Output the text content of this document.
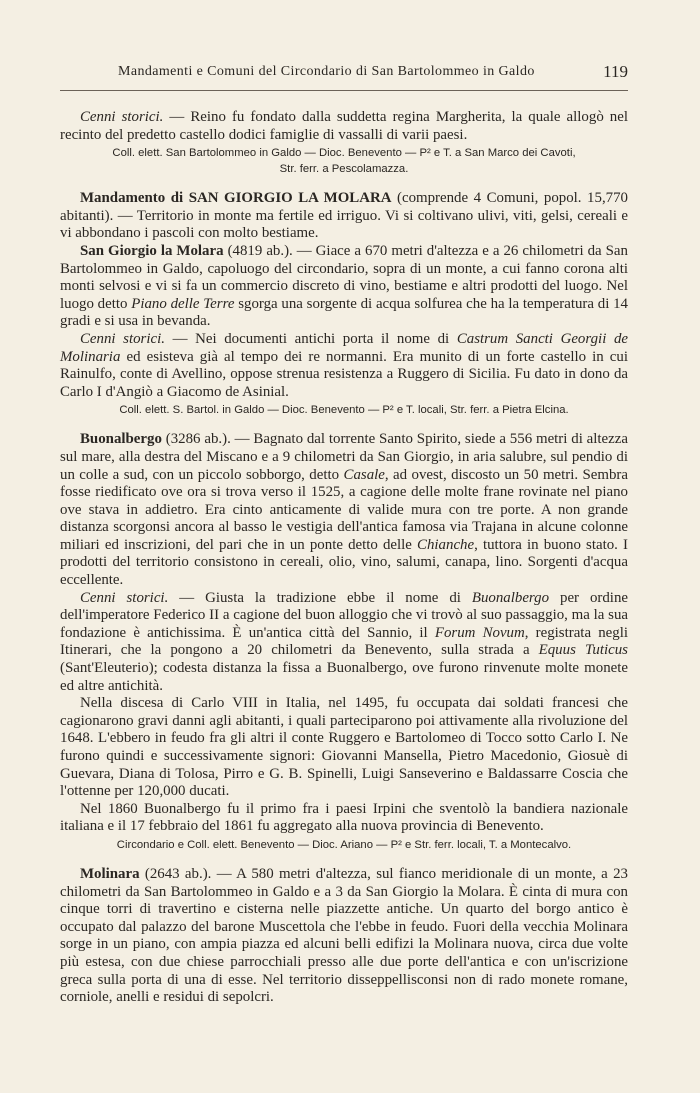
Mandamenti e Comuni del Circondario di San Bartolommeo in Galdo	119

Cenni storici. — Reino fu fondato dalla suddetta regina Margherita, la quale allogò nel recinto del predetto castello dodici famiglie di vassalli di varii paesi.

Coll. elett. San Bartolommeo in Galdo — Dioc. Benevento — P² e T. a San Marco dei Cavoti,

Str. ferr. a Pescolamazza.

Mandamento di SAN GIORGIO LA MOLARA (comprende 4 Comuni, popol. 15,770 abitanti). — Territorio in monte ma fertile ed irriguo. Vi si coltivano ulivi, viti, gelsi, cereali e vi abbondano i pascoli con molto bestiame.

San Giorgio la Molara (4819 ab.). — Giace a 670 metri d'altezza e a 26 chilometri da San Bartolommeo in Galdo, capoluogo del circondario, sopra di un monte, a cui fanno corona alti monti selvosi e vi si fa un commercio discreto di vino, bestiame e altri prodotti del luogo. Nel luogo detto Piano delle Terre sgorga una sorgente di acqua solfurea che ha la temperatura di 14 gradi e si usa in bevanda.

Cenni storici. — Nei documenti antichi porta il nome di Castrum Sancti Georgii de Molinaria ed esisteva già al tempo dei re normanni. Era munito di un forte castello in cui Rainulfo, conte di Avellino, oppose strenua resistenza a Ruggero di Sicilia. Fu dato in dono da Carlo I d'Angiò a Giacomo de Asinial.

Coll. elett. S. Bartol. in Galdo — Dioc. Benevento — P² e T. locali, Str. ferr. a Pietra Elcina.

Buonalbergo (3286 ab.). — Bagnato dal torrente Santo Spirito, siede a 556 metri di altezza sul mare, alla destra del Miscano e a 9 chilometri da San Giorgio, in aria salubre, sul pendio di un colle a sud, con un piccolo sobborgo, detto Casale, ad ovest, discosto un 50 metri. Sembra fosse riedificato ove ora si trova verso il 1525, a cagione delle molte frane rovinate nel piano ove stava in addietro. Era cinto anticamente di valide mura con tre porte. A non grande distanza scorgonsi ancora al basso le vestigia dell'antica famosa via Trajana in alcune colonne miliari ed inscrizioni, del pari che in un ponte detto delle Chianche, tuttora in buono stato. I prodotti del territorio consistono in cereali, olio, vino, salumi, canapa, lino. Sorgenti d'acqua eccellente.

Cenni storici. — Giusta la tradizione ebbe il nome di Buonalbergo per ordine dell'imperatore Federico II a cagione del buon alloggio che vi trovò al suo passaggio, ma la sua fondazione è antichissima. È un'antica città del Sannio, il Forum Novum, registrata negli Itinerari, che la pongono a 20 chilometri da Benevento, sulla strada a Equus Tuticus (Sant'Eleuterio); codesta distanza la fissa a Buonalbergo, ove furono rinvenute molte monete ed altre antichità.

Nella discesa di Carlo VIII in Italia, nel 1495, fu occupata dai soldati francesi che cagionarono gravi danni agli abitanti, i quali parteciparono poi attivamente alla rivoluzione del 1648. L'ebbero in feudo fra gli altri il conte Ruggero e Bartolomeo di Tocco sotto Carlo I. Ne furono quindi e successivamente signori: Giovanni Mansella, Pietro Macedonio, Giosuè di Guevara, Diana di Tolosa, Pirro e G. B. Spinelli, Luigi Sanseverino e Baldassarre Coscia che l'ottenne per 120,000 ducati.

Nel 1860 Buonalbergo fu il primo fra i paesi Irpini che sventolò la bandiera nazionale italiana e il 17 febbraio del 1861 fu aggregato alla nuova provincia di Benevento.

Circondario e Coll. elett. Benevento — Dioc. Ariano — P² e Str. ferr. locali, T. a Montecalvo.

Molinara (2643 ab.). — A 580 metri d'altezza, sul fianco meridionale di un monte, a 23 chilometri da San Bartolommeo in Galdo e a 3 da San Giorgio la Molara. È cinta di mura con cinque torri di travertino e cisterna nelle piazzette antiche. Un quarto del borgo antico è occupato dal palazzo del barone Muscettola che l'ebbe in feudo. Fuori della vecchia Molinara sorge in un piano, con ampia piazza ed alcuni belli edifizi la Molinara nuova, circa due volte più estesa, con due chiese parrocchiali presso alle due porte dell'antica e con un'iscrizione greca sulla porta di una di esse. Nel territorio disseppellisconsi non di rado monete romane, corniole, anelli e residui di sepolcri.
